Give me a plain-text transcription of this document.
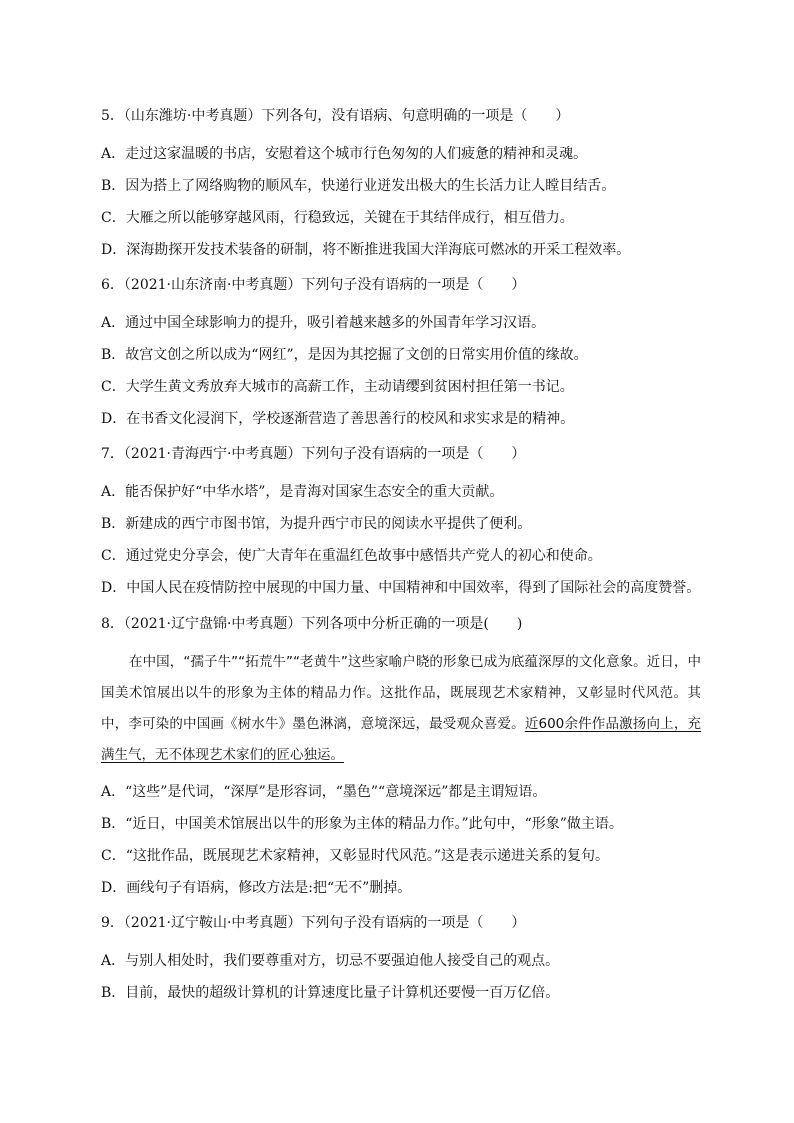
5．（山东潍坊·中考真题）下列各句，没有语病、句意明确的一项是（　　）
A．走过这家温暖的书店，安慰着这个城市行色匆匆的人们疲惫的精神和灵魂。
B．因为搭上了网络购物的顺风车，快递行业迸发出极大的生长活力让人瞠目结舌。
C．大雁之所以能够穿越风雨，行稳致远，关键在于其结伴成行，相互借力。
D．深海勘探开发技术装备的研制，将不断推进我国大洋海底可燃冰的开采工程效率。
6．（2021·山东济南·中考真题）下列句子没有语病的一项是（　　）
A．通过中国全球影响力的提升，吸引着越来越多的外国青年学习汉语。
B．故宫文创之所以成为“网红”，是因为其挖掘了文创的日常实用价值的缘故。
C．大学生黄文秀放弃大城市的高薪工作，主动请缨到贫困村担任第一书记。
D．在书香文化浸润下，学校逐渐营造了善思善行的校风和求实求是的精神。
7．（2021·青海西宁·中考真题）下列句子没有语病的一项是（　　）
A．能否保护好“中华水塔”，是青海对国家生态安全的重大贡献。
B．新建成的西宁市图书馆，为提升西宁市民的阅读水平提供了便利。
C．通过党史分享会，使广大青年在重温红色故事中感悟共产党人的初心和使命。
D．中国人民在疫情防控中展现的中国力量、中国精神和中国效率，得到了国际社会的高度赞誉。
8．（2021·辽宁盘锦·中考真题）下列各项中分析正确的一项是(　　)
在中国，“孺子牛”“拓荒牛”“老黄牛”这些家喻户晓的形象已成为底蕴深厚的文化意象。近日，中国美术馆展出以牛的形象为主体的精品力作。这批作品，既展现艺术家精神，又彰显时代风范。其中，李可染的中国画《树水牛》墨色淋漓，意境深远，最受观众喜爱。近600余件作品激扬向上，充满生气，无不体现艺术家们的匠心独运。
A．“这些”是代词，“深厚”是形容词，“墨色”“意境深远”都是主谓短语。
B．“近日，中国美术馆展出以牛的形象为主体的精品力作。”此句中，“形象”做主语。
C．“这批作品，既展现艺术家精神，又彰显时代风范。”这是表示递进关系的复句。
D．画线句子有语病，修改方法是:把“无不”删掉。
9．（2021·辽宁鞍山·中考真题）下列句子没有语病的一项是（　　）
A．与别人相处时，我们要尊重对方，切忌不要强迫他人接受自己的观点。
B．目前，最快的超级计算机的计算速度比量子计算机还要慢一百万亿倍。
